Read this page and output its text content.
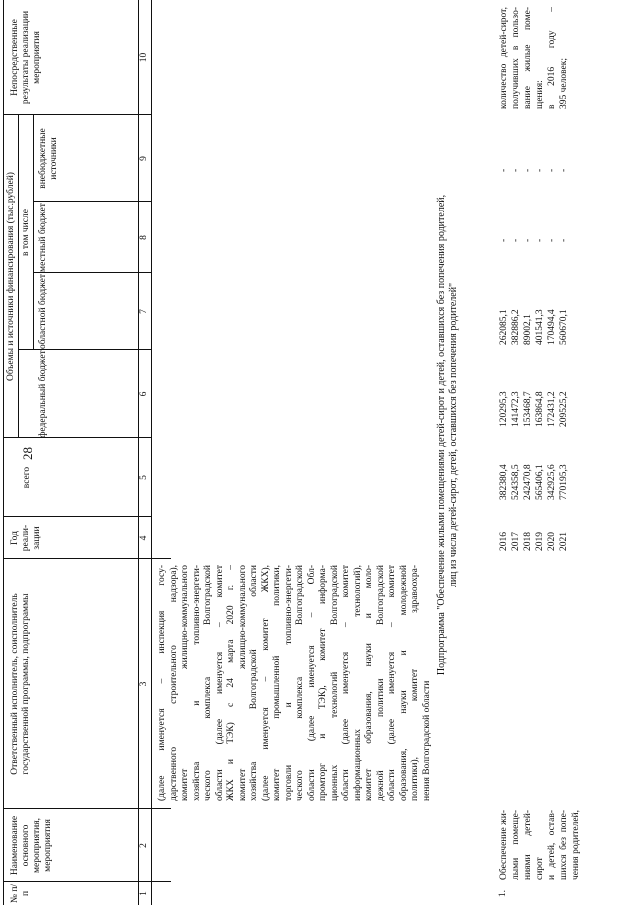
28
№ п/п
Ответственный исполнитель, соисполнитель государственной программы, подпрограммы
Год реали- зации
Объемы и источники финансирования (тыс.рублей)
всего
в том числе
федеральный бюджет
областной бюджет
местный бюджет
внебюджетные источники
Непосредственные результаты реализации мероприятия
Наименование основного мероприятия, мероприятия
1
2
3
4
5
6
7
8
9
10
(далее именуется – инспекция госу- дарственного строительного надзора), комитет жилищно-коммунального хозяйства и топливно-энергети- ческого комплекса Волгоградской области (далее именуется – комитет ЖКХ и ТЭК) с 24 марта 2020 г. – комитет жилищно-коммунального хозяйства Волгоградской области (далее именуется – комитет ЖКХ), комитет промышленной политики, торговли и топливно-энергети- ческого комплекса Волгоградской области (далее именуется – Обл- промторг и ТЭК), комитет информа- ционных технологий Волгоградской области (далее именуется – комитет информационных технологий), комитет образования, науки и моло- дежной политики Волгоградской области (далее именуется – комитет образования, науки и молодежной политики), комитет здравоохра- нения Волгоградской области
Подпрограмма "Обеспечение жилыми помещениями детей-сирот и детей, оставшихся без попечения родителей, лиц из числа детей-сирот, детей, оставшихся без попечения родителей"
1.
Обеспечение жи- лыми помеще- ниями детей-сирот и детей, остав- шихся без попе- чения родителей,
2016
382380,4
120295,3
262085,1
-
-
2017
524358,5
141472,3
382886,2
-
-
2018
242470,8
153468,7
89002,1
-
-
2019
565406,1
163864,8
401541,3
-
-
2020
342925,6
172431,2
170494,4
-
-
2021
770195,3
209525,2
560670,1
-
-
количество детей-сирот, получивших в пользо- вание жилые поме- щения: в 2016 году – 395 человек;
